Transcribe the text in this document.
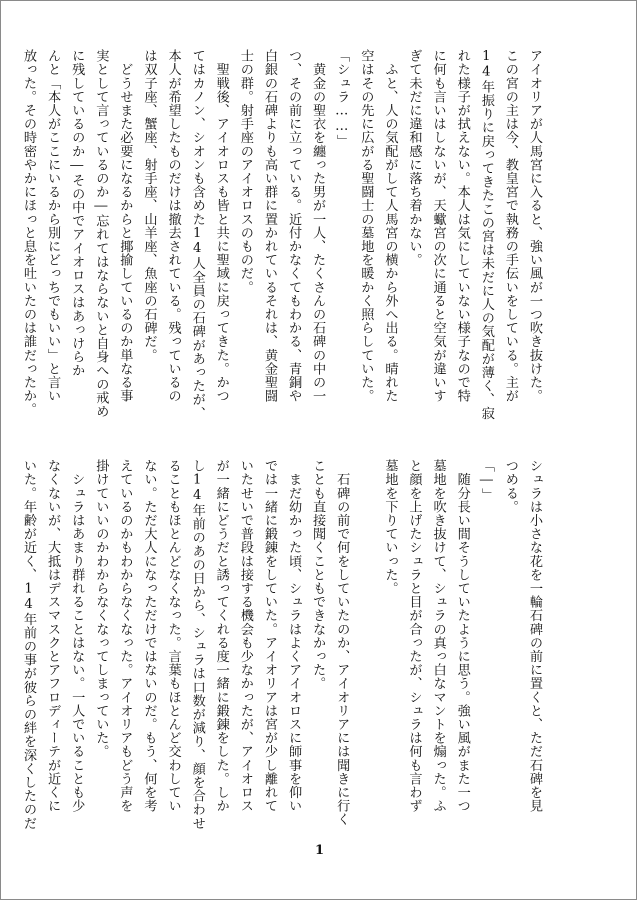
アイオリアが人馬宮に入ると、強い風が一つ吹き抜けた。

この宮の主は今、教皇宮で執務の手伝いをしている。主が

14年振りに戻ってきたこの宮は未だに人の気配が薄く、寂

れた様子が拭えない。本人は気にしていない様子なので特

に何も言いはしないが、天蠍宮の次に通ると空気が違いす

ぎて未だに違和感に落ち着かない。

　ふと、人の気配がして人馬宮の横から外へ出る。晴れた

空はその先に広がる聖闘士の墓地を暖かく照らしていた。

「シュラ……」

　黄金の聖衣を纏った男が一人、たくさんの石碑の中の一

つ、その前に立っている。近付かなくてもわかる、青銅や

白銀の石碑よりも高い群に置かれているそれは、黄金聖闘

士の群。射手座のアイオロスのものだ。

　聖戦後、アイオロスも皆と共に聖域に戻ってきた。かつ

てはカノン、シオンも含めた14人全員の石碑があったが、

本人が希望したものだけは撤去されている。残っているの

は双子座、蟹座、射手座、山羊座、魚座の石碑だ。

　どうせまた必要になるからと揶揄しているのか単なる事

実として言っているのか―忘れてはならないと自身への戒め

に残しているのか―その中でアイオロスはあっけらか

んと「本人がここにいるから別にどっちでもいい」と言い

放った。その時密やかにほっと息を吐いたのは誰だったか。

シュラは小さな花を一輪石碑の前に置くと、ただ石碑を見

つめる。

「―」

　随分長い間そうしていたように思う。強い風がまた一つ

墓地を吹き抜けて、シュラの真っ白なマントを煽った。ふ

と顔を上げたシュラと目が合ったが、シュラは何も言わず

墓地を下りていった。

　石碑の前で何をしていたのか、アイオリアには聞きに行く

ことも直接聞くこともできなかった。

　まだ幼かった頃、シュラはよくアイオロスに師事を仰い

では一緒に鍛錬をしていた。アイオリアは宮が少し離れて

いたせいで普段は接する機会も少なかったが、アイオロス

が一緒にどうだと誘ってくれる度一緒に鍛錬をした。しか

し14年前のあの日から、シュラは口数が減り、顔を合わせ

ることもほとんどなくなった。言葉もほとんど交わしてい

ない。ただ大人になっただけではないのだ。もう、何を考

えているのかもわからなくなった。アイオリアもどう声を

掛けていいのかわからなくなってしまっていた。

　シュラはあまり群れることはない。一人でいることも少

なくないが、大抵はデスマスクとアフロディーテが近くに

いた。年齢が近く、14年前の事が彼らの絆を深くしたのだ

1
